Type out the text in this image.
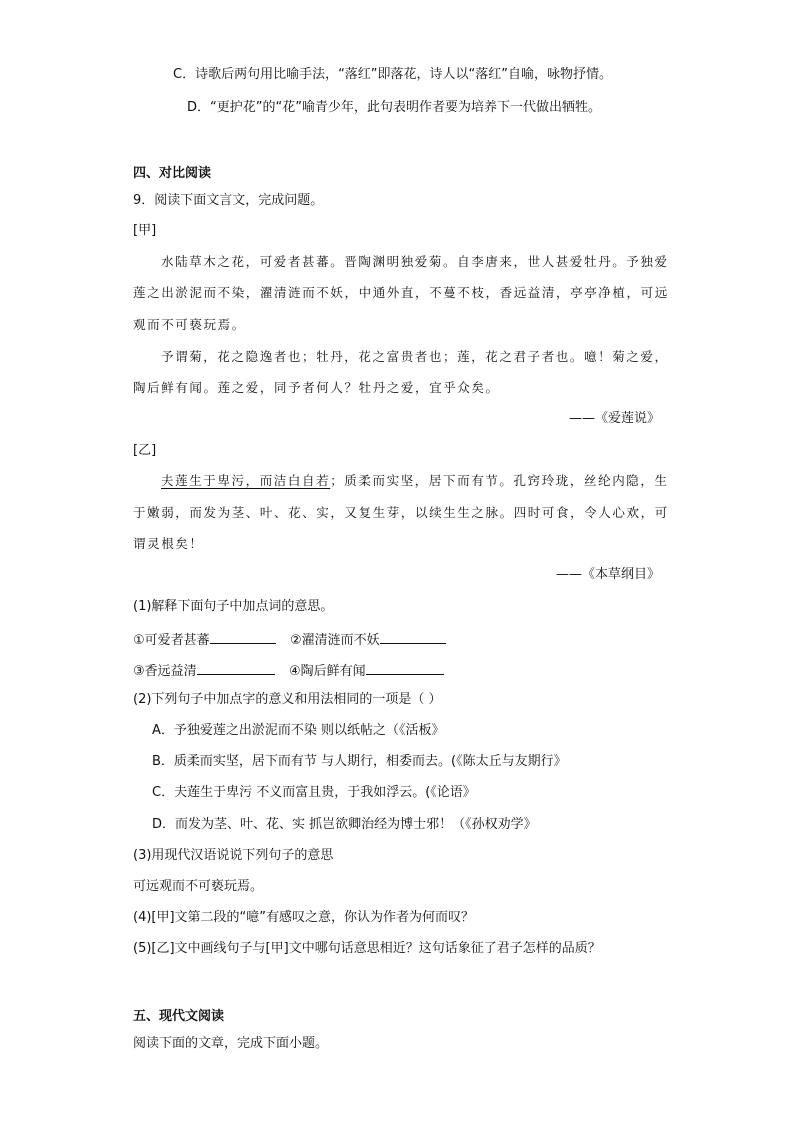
C．诗歌后两句用比喻手法，“落红”即落花，诗人以“落红”自喻，咏物抒情。
D．“更护花”的“花”喻青少年，此句表明作者要为培养下一代做出牺牲。
四、对比阅读
9．阅读下面文言文，完成问题。
[甲]
水陆草木之花，可爱者甚蕃。晋陶渊明独爱菊。自李唐来，世人甚爱牡丹。予独爱
莲之出淤泥而不染，濯清涟而不妖，中通外直，不蔓不枝，香远益清，亭亭净植，可远
观而不可亵玩焉。
予谓菊，花之隐逸者也；牡丹，花之富贵者也；莲，花之君子者也。噫！菊之爱，
陶后鲜有闻。莲之爱，同予者何人？牡丹之爱，宜乎众矣。
——《爱莲说》
[乙]
夫莲生于卑污，而洁白自若；质柔而实坚，居下而有节。孔窍玲珑，丝纶内隐，生
于嫩弱，而发为茎、叶、花、实，又复生芽，以续生生之脉。四时可食，令人心欢，可
谓灵根矣！
——《本草纲目》
(1)解释下面句子中加点词的意思。
①可爱者甚蕃	②濯清涟而不妖
③香远益清	④陶后鲜有闻
(2)下列句子中加点字的意义和用法相同的一项是（ ）
A．予独爱莲之出淤泥而不染 则以纸帖之（《活板》
B．质柔而实坚，居下而有节 与人期行，相委而去。(《陈太丘与友期行》
C．夫莲生于卑污 不义而富且贵，于我如浮云。(《论语》
D．而发为茎、叶、花、实 抓岂欲卿治经为博士邪！（《孙权劝学》
(3)用现代汉语说说下列句子的意思
可远观而不可亵玩焉。
(4)[甲]文第二段的“噫”有感叹之意，你认为作者为何而叹？
(5)[乙]文中画线句子与[甲]文中哪句话意思相近？这句话象征了君子怎样的品质？
五、现代文阅读
阅读下面的文章，完成下面小题。
